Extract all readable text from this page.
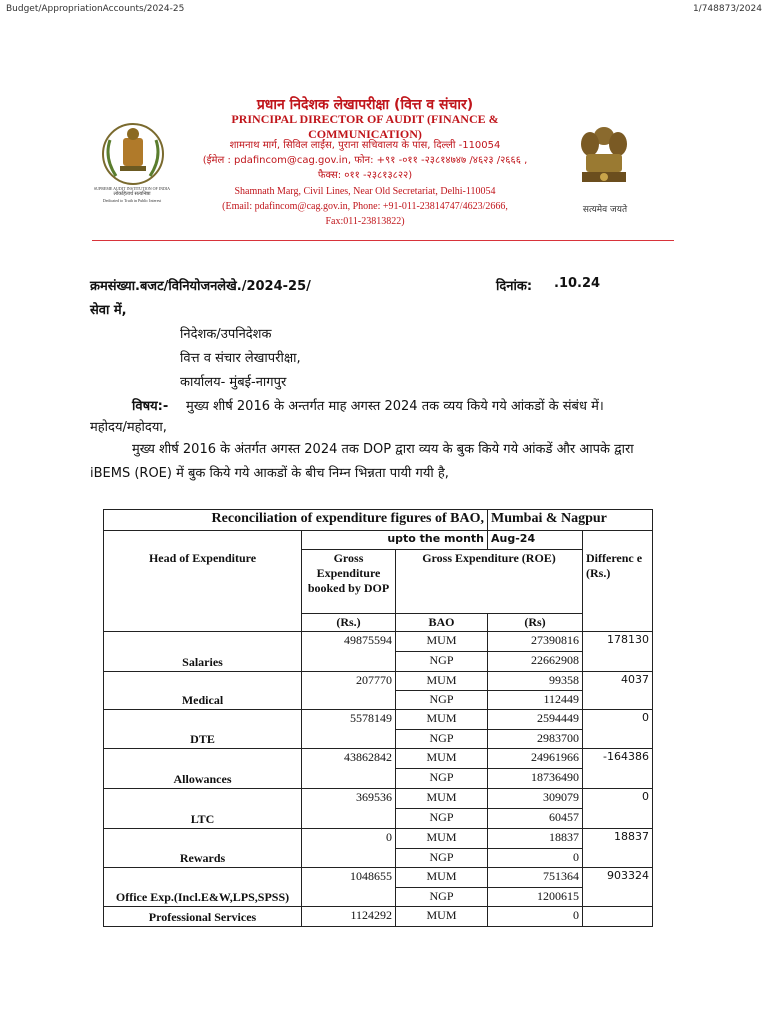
Budget/AppropriationAccounts/2024-25	1/748873/2024
SUPREME AUDIT INSTITUTION OF INDIA
लोकहितार्थ सत्यनिष्ठा
Dedicated to Truth in Public Interest
सत्यमेव जयते
प्रधान निदेशक लेखापरीक्षा (वित्त व संचार)
PRINCIPAL DIRECTOR OF AUDIT (FINANCE & COMMUNICATION)
शामनाथ मार्ग, सिविल लाईंस, पुराना सचिवालय के पास, दिल्ली -110054
(ईमेल : pdafincom@cag.gov.in, फोन: +९१ -०११ -२३८१४७४७ /४६२३ /२६६६ ,
फैक्स: ०११ -२३८१३८२२)
Shamnath Marg, Civil Lines, Near Old Secretariat, Delhi-110054
(Email: pdafincom@cag.gov.in, Phone: +91-011-23814747/4623/2666,
Fax:011-23813822)
क्रमसंख्या.बजट/विनियोजनलेखे./2024-25/	दिनांक: .10.24
सेवा में,
निदेशक/उपनिदेशक
वित्त व संचार लेखापरीक्षा,
कार्यालय- मुंबई-नागपुर
विषय:- मुख्य शीर्ष 2016 के अन्तर्गत माह अगस्त 2024 तक व्यय किये गये आंकडों के संबंध में।
महोदय/महोदया,
मुख्य शीर्ष 2016 के अंतर्गत अगस्त 2024 तक DOP द्वारा व्यय के बुक किये गये आंकडें और आपके द्वारा
iBEMS (ROE) में बुक किये गये आकडों के बीच निम्न भिन्नता पायी गयी है,
Reconciliation of expenditure figures of BAO,			Mumbai & Nagpur	
	upto the month		Aug-24	
Head of Expenditure	Gross Expenditure booked by DOP	Gross Expenditure (ROE)		Differenc e (Rs.)
	(Rs.)	BAO	(Rs)	
Salaries	49875594	MUM	27390816	178130
		NGP	22662908	
Medical	207770	MUM	99358	4037
		NGP	112449	
DTE	5578149	MUM	2594449	0
		NGP	2983700	
Allowances	43862842	MUM	24961966	-164386
		NGP	18736490	
LTC	369536	MUM	309079	0
		NGP	60457	
Rewards	0	MUM	18837	18837
		NGP	0	
Office Exp.(Incl.E&W,LPS,SPSS)	1048655	MUM	751364	903324
		NGP	1200615	
Professional Services	1124292	MUM	0	
